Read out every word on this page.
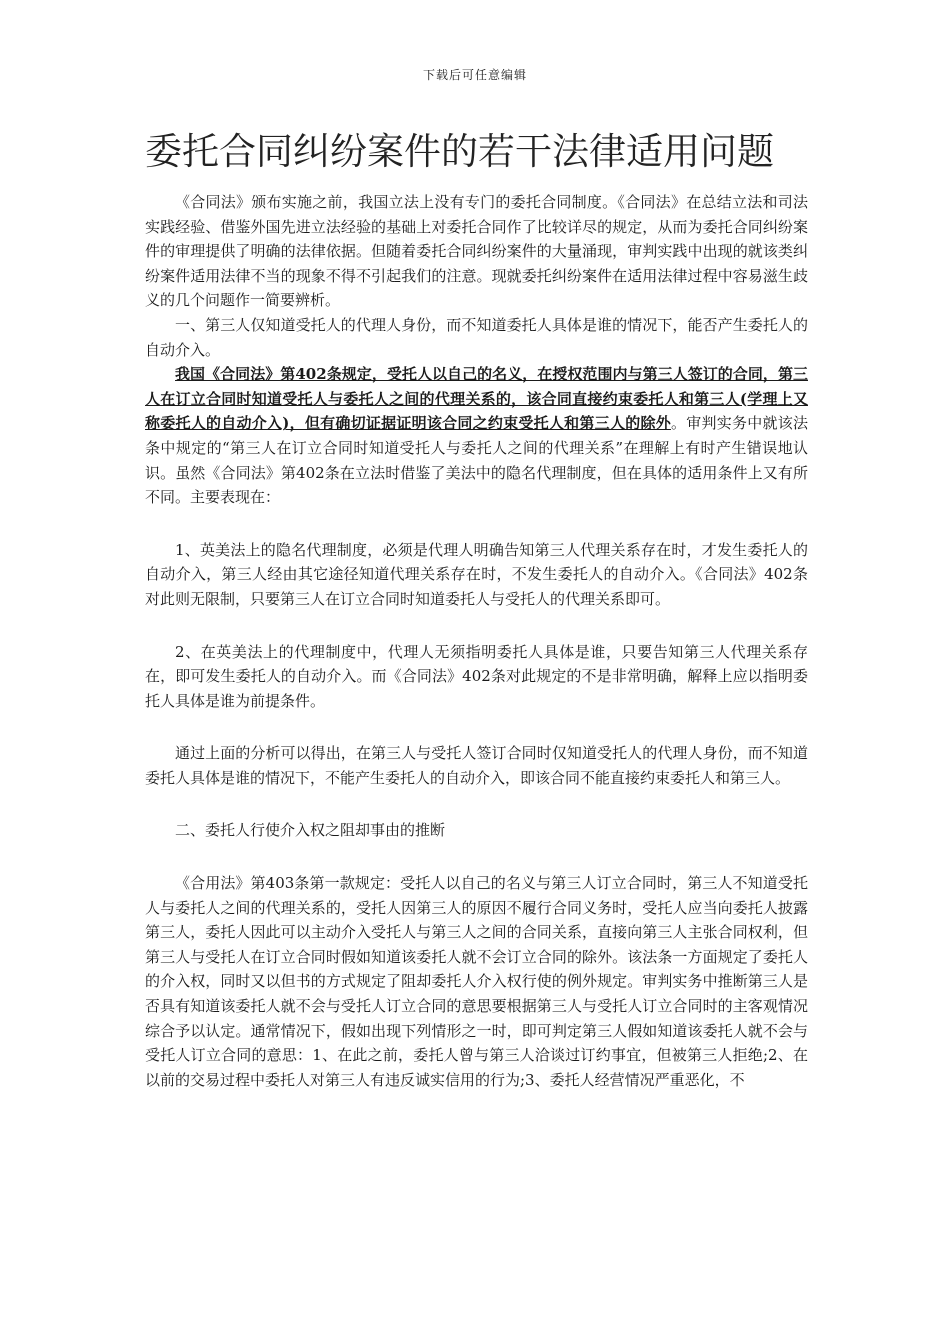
下载后可任意编辑
委托合同纠纷案件的若干法律适用问题

《合同法》颁布实施之前，我国立法上没有专门的委托合同制度。《合同法》在总结立法和司法实践经验、借鉴外国先进立法经验的基础上对委托合同作了比较详尽的规定，从而为委托合同纠纷案件的审理提供了明确的法律依据。但随着委托合同纠纷案件的大量涌现，审判实践中出现的就该类纠纷案件适用法律不当的现象不得不引起我们的注意。现就委托纠纷案件在适用法律过程中容易滋生歧义的几个问题作一简要辨析。

一、第三人仅知道受托人的代理人身份，而不知道委托人具体是谁的情况下，能否产生委托人的自动介入。

我国《合同法》第402条规定，受托人以自己的名义，在授权范围内与第三人签订的合同，第三人在订立合同时知道受托人与委托人之间的代理关系的，该合同直接约束委托人和第三人(学理上又称委托人的自动介入)，但有确切证据证明该合同之约束受托人和第三人的除外。审判实务中就该法条中规定的“第三人在订立合同时知道受托人与委托人之间的代理关系”在理解上有时产生错误地认识。虽然《合同法》第402条在立法时借鉴了美法中的隐名代理制度，但在具体的适用条件上又有所不同。主要表现在：

1、英美法上的隐名代理制度，必须是代理人明确告知第三人代理关系存在时，才发生委托人的自动介入，第三人经由其它途径知道代理关系存在时，不发生委托人的自动介入。《合同法》402条对此则无限制，只要第三人在订立合同时知道委托人与受托人的代理关系即可。

2、在英美法上的代理制度中，代理人无须指明委托人具体是谁，只要告知第三人代理关系存在，即可发生委托人的自动介入。而《合同法》402条对此规定的不是非常明确，解释上应以指明委托人具体是谁为前提条件。

通过上面的分析可以得出，在第三人与受托人签订合同时仅知道受托人的代理人身份，而不知道委托人具体是谁的情况下，不能产生委托人的自动介入，即该合同不能直接约束委托人和第三人。

二、委托人行使介入权之阻却事由的推断

《合用法》第403条第一款规定：受托人以自己的名义与第三人订立合同时，第三人不知道受托人与委托人之间的代理关系的，受托人因第三人的原因不履行合同义务时，受托人应当向委托人披露第三人，委托人因此可以主动介入受托人与第三人之间的合同关系，直接向第三人主张合同权利，但第三人与受托人在订立合同时假如知道该委托人就不会订立合同的除外。该法条一方面规定了委托人的介入权，同时又以但书的方式规定了阻却委托人介入权行使的例外规定。审判实务中推断第三人是否具有知道该委托人就不会与受托人订立合同的意思要根据第三人与受托人订立合同时的主客观情况综合予以认定。通常情况下，假如出现下列情形之一时，即可判定第三人假如知道该委托人就不会与受托人订立合同的意思：1、在此之前，委托人曾与第三人洽谈过订约事宜，但被第三人拒绝;2、在以前的交易过程中委托人对第三人有违反诚实信用的行为;3、委托人经营情况严重恶化，不
